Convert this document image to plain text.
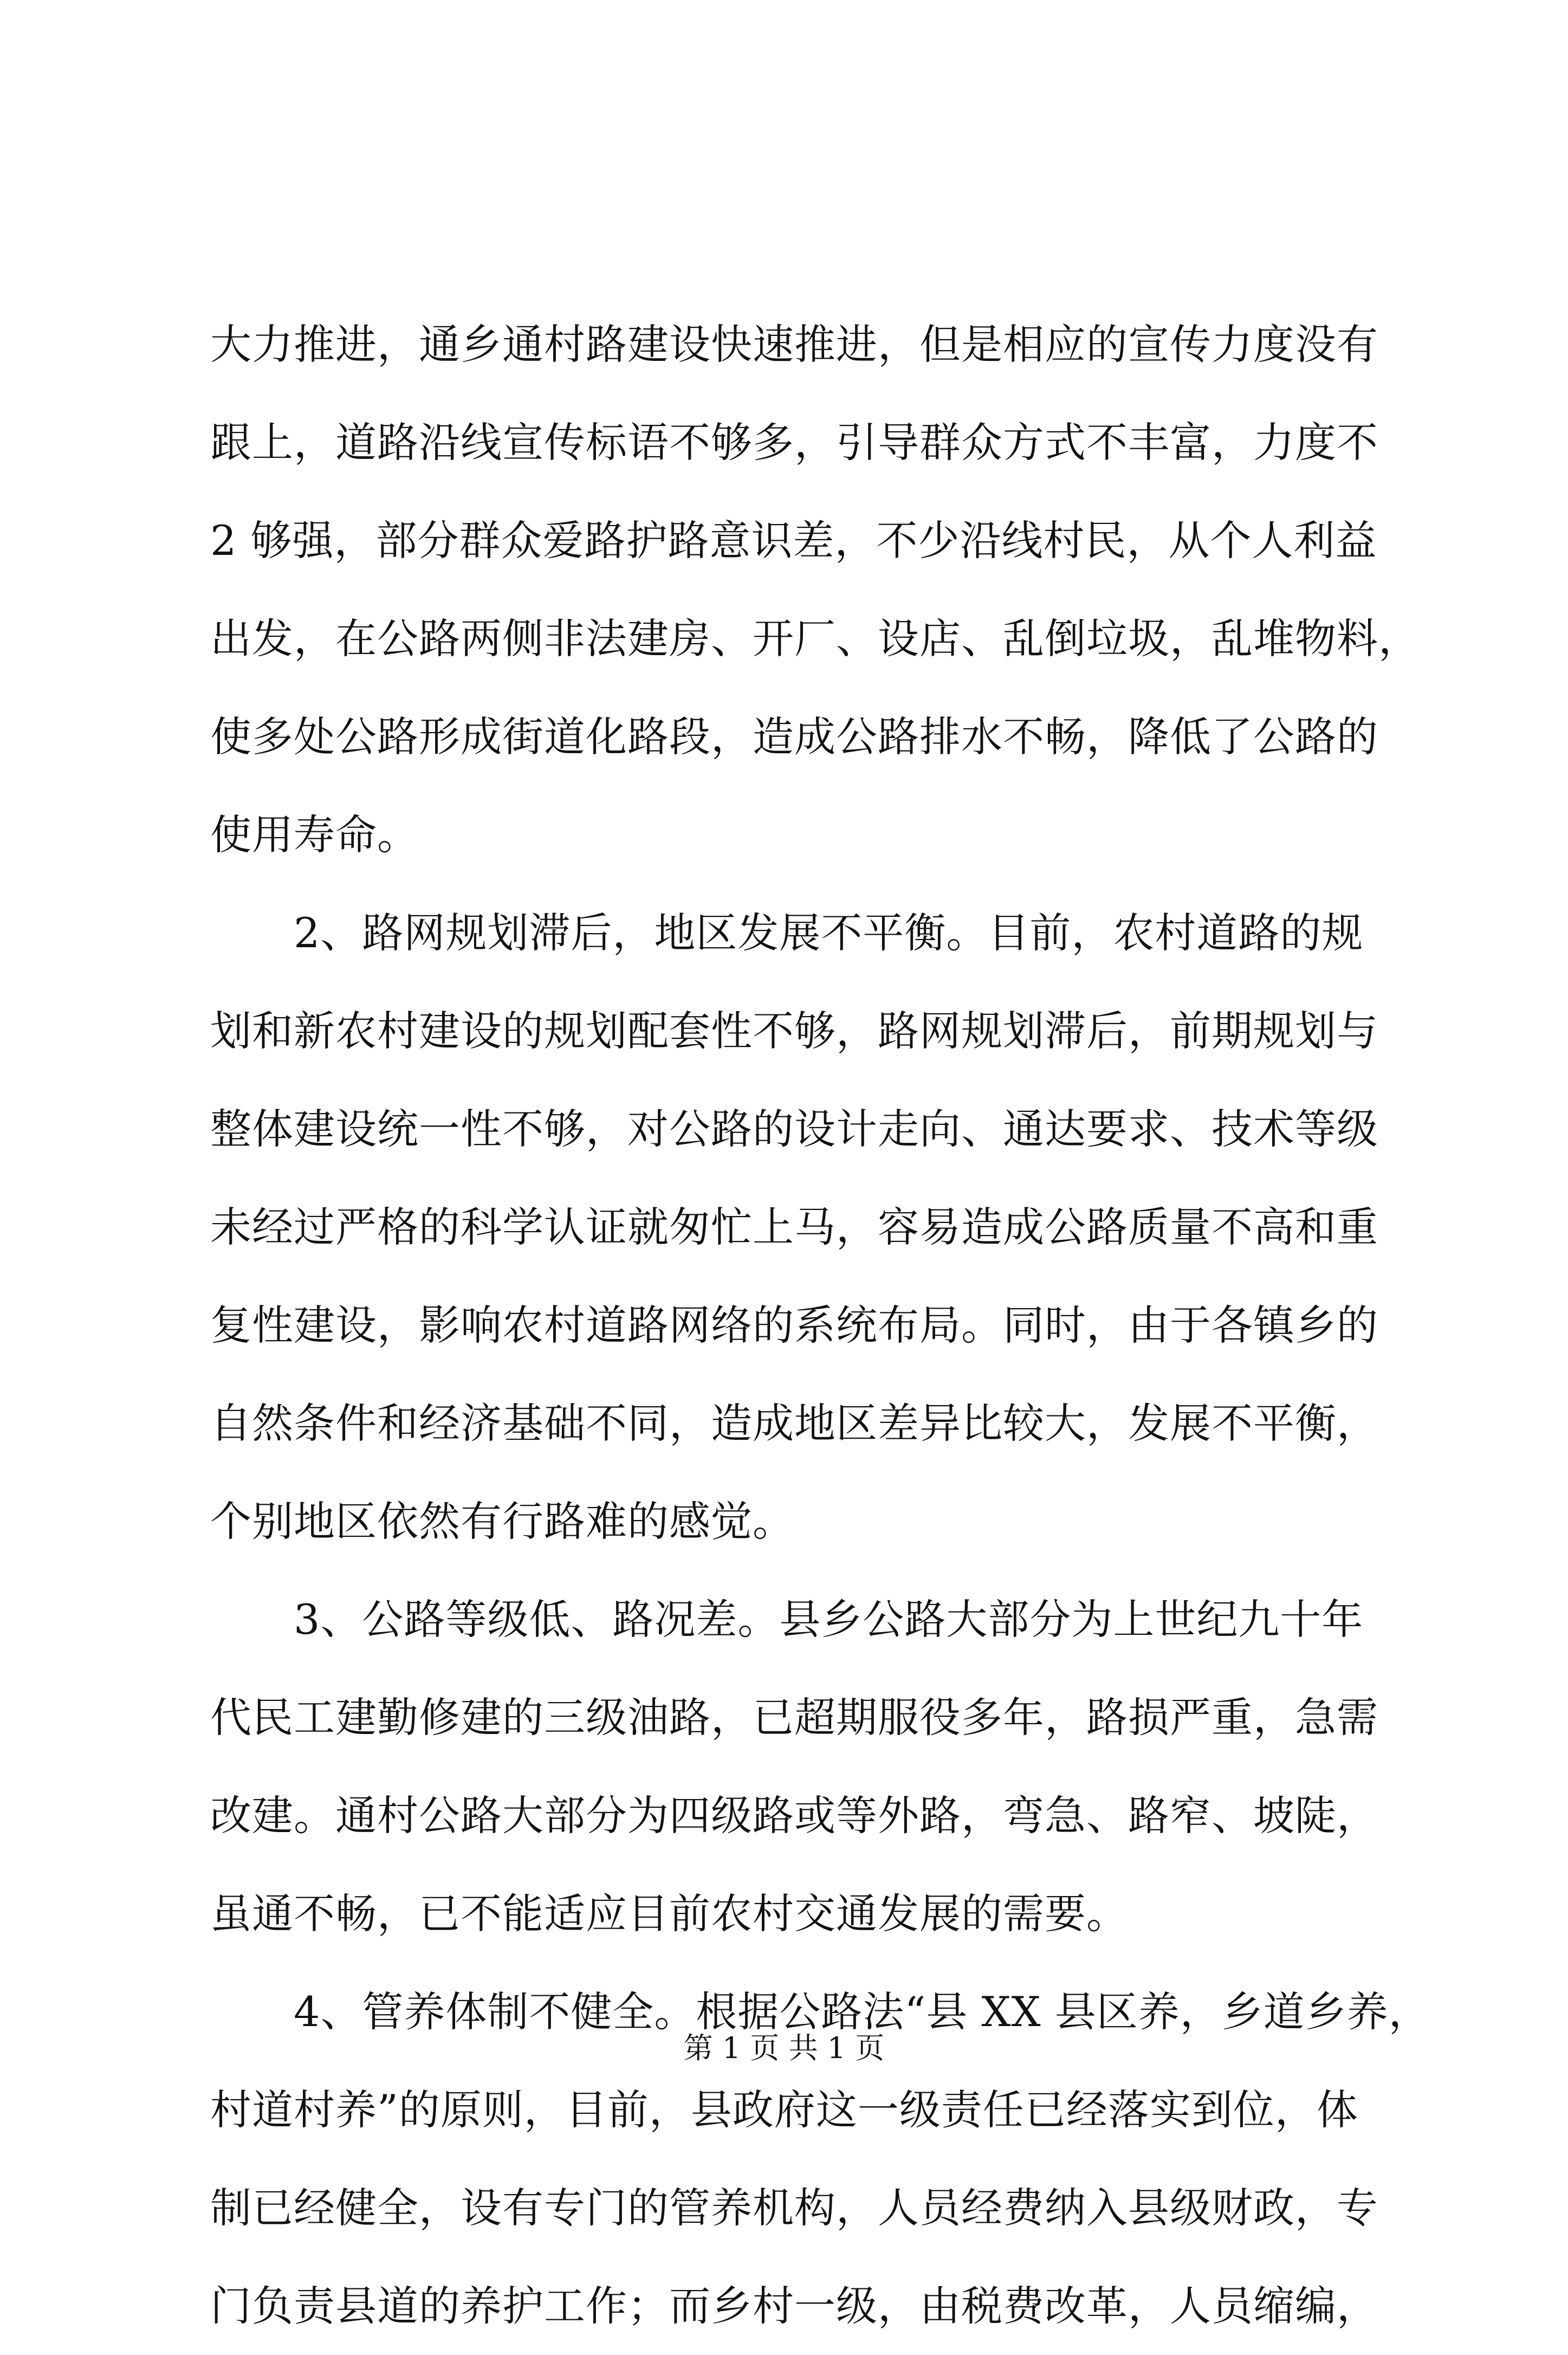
大力推进，通乡通村路建设快速推进，但是相应的宣传力度没有
跟上，道路沿线宣传标语不够多，引导群众方式不丰富，力度不
2 够强，部分群众爱路护路意识差，不少沿线村民，从个人利益
出发，在公路两侧非法建房、开厂、设店、乱倒垃圾，乱堆物料，
使多处公路形成街道化路段，造成公路排水不畅，降低了公路的
使用寿命。
　　2、路网规划滞后，地区发展不平衡。目前，农村道路的规
划和新农村建设的规划配套性不够，路网规划滞后，前期规划与
整体建设统一性不够，对公路的设计走向、通达要求、技术等级
未经过严格的科学认证就匆忙上马，容易造成公路质量不高和重
复性建设，影响农村道路网络的系统布局。同时，由于各镇乡的
自然条件和经济基础不同，造成地区差异比较大，发展不平衡，
个别地区依然有行路难的感觉。
　　3、公路等级低、路况差。县乡公路大部分为上世纪九十年
代民工建勤修建的三级油路，已超期服役多年，路损严重，急需
改建。通村公路大部分为四级路或等外路，弯急、路窄、坡陡，
虽通不畅，已不能适应目前农村交通发展的需要。
　　4、管养体制不健全。根据公路法“县 XX 县区养，乡道乡养，
村道村养”的原则，目前，县政府这一级责任已经落实到位，体
制已经健全，设有专门的管养机构，人员经费纳入县级财政，专
门负责县道的养护工作；而乡村一级，由税费改革，人员缩编，
第 1 页 共 1 页
